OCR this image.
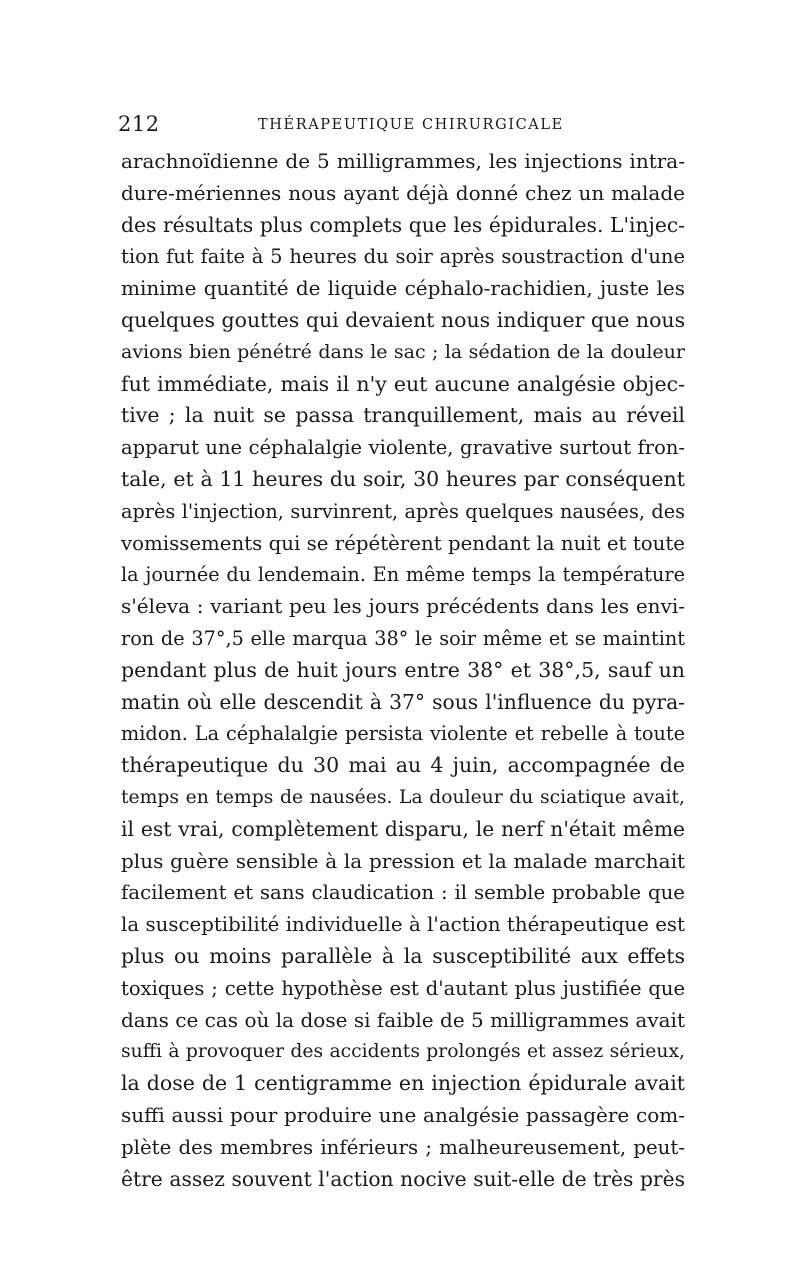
212	THÉRAPEUTIQUE CHIRURGICALE
arachnoïdienne de 5 milligrammes, les injections intra-
dure-mériennes nous ayant déjà donné chez un malade
des résultats plus complets que les épidurales. L'injec-
tion fut faite à 5 heures du soir après soustraction d'une
minime quantité de liquide céphalo-rachidien, juste les
quelques gouttes qui devaient nous indiquer que nous
avions bien pénétré dans le sac ; la sédation de la douleur
fut immédiate, mais il n'y eut aucune analgésie objec-
tive ; la nuit se passa tranquillement, mais au réveil
apparut une céphalalgie violente, gravative surtout fron-
tale, et à 11 heures du soir, 30 heures par conséquent
après l'injection, survinrent, après quelques nausées, des
vomissements qui se répétèrent pendant la nuit et toute
la journée du lendemain. En même temps la température
s'éleva : variant peu les jours précédents dans les envi-
ron de 37°,5 elle marqua 38° le soir même et se maintint
pendant plus de huit jours entre 38° et 38°,5, sauf un
matin où elle descendit à 37° sous l'influence du pyra-
midon. La céphalalgie persista violente et rebelle à toute
thérapeutique du 30 mai au 4 juin, accompagnée de
temps en temps de nausées. La douleur du sciatique avait,
il est vrai, complètement disparu, le nerf n'était même
plus guère sensible à la pression et la malade marchait
facilement et sans claudication : il semble probable que
la susceptibilité individuelle à l'action thérapeutique est
plus ou moins parallèle à la susceptibilité aux effets
toxiques ; cette hypothèse est d'autant plus justifiée que
dans ce cas où la dose si faible de 5 milligrammes avait
suffi à provoquer des accidents prolongés et assez sérieux,
la dose de 1 centigramme en injection épidurale avait
suffi aussi pour produire une analgésie passagère com-
plète des membres inférieurs ; malheureusement, peut-
être assez souvent l'action nocive suit-elle de très près
